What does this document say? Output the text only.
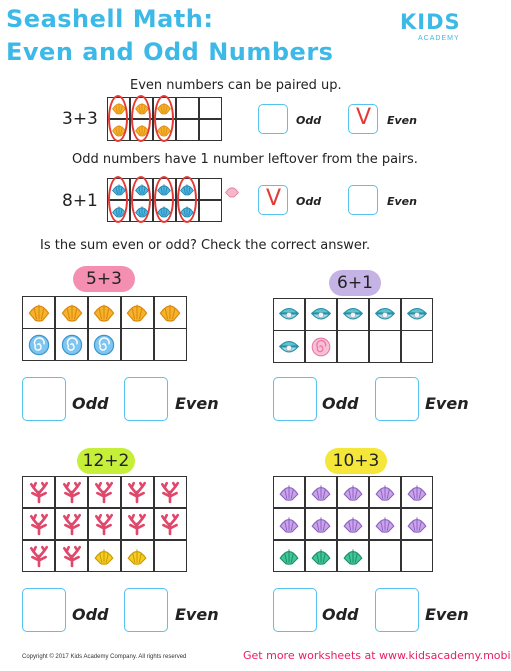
Seashell Math:
Even and Odd Numbers
KIDS
ACADEMY
Even numbers can be paired up.
3+3	Odd V Even
Odd numbers have 1 number leftover from the pairs.
8+1	V Odd	Even
Is the sum even or odd? Check the correct answer.
5+3
Odd	Even
6+1
Odd	Even
12+2
Odd	Even
10+3
Odd	Even
Copyright © 2017 Kids Academy Company. All rights reserved	Get more worksheets at www.kidsacademy.mobi
